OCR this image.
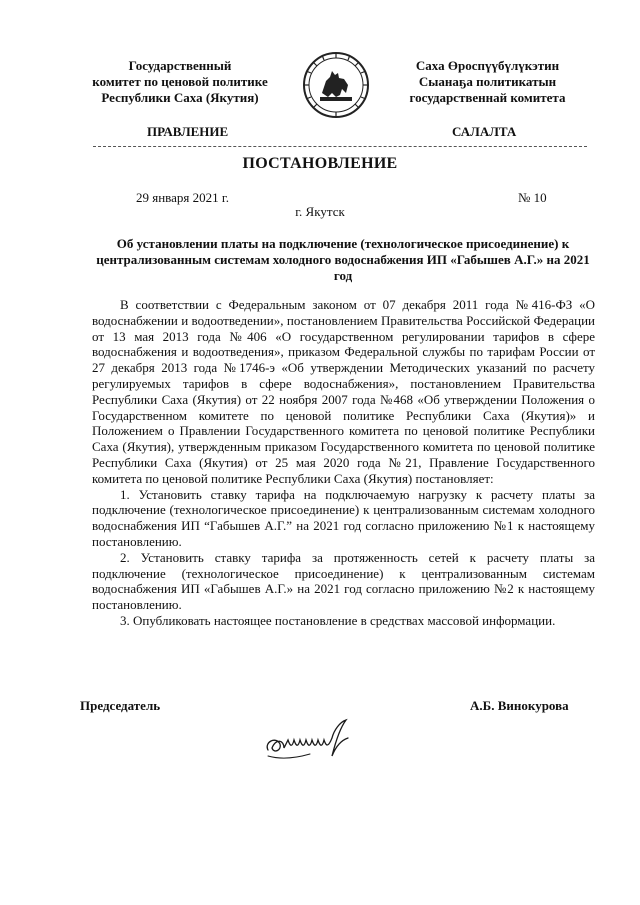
Государственный
комитет по ценовой политике
Республики Саха (Якутия)
Саха Өроспүүбүлүкэтин
Сыанаҕа политикатын
государственнай комитета
ПРАВЛЕНИЕ	САЛАЛТА
ПОСТАНОВЛЕНИЕ
29 января 2021 г.	№ 10
г. Якутск
Об установлении платы на подключение (технологическое присоединение) к централизованным системам холодного водоснабжения ИП «Габышев А.Г.» на 2021 год

В соответствии с Федеральным законом от 07 декабря 2011 года №416-ФЗ «О водоснабжении и водоотведении», постановлением Правительства Российской Федерации от 13 мая 2013 года №406 «О государственном регулировании тарифов в сфере водоснабжения и водоотведения», приказом Федеральной службы по тарифам России от 27 декабря 2013 года №1746-э «Об утверждении Методических указаний по расчету регулируемых тарифов в сфере водоснабжения», постановлением Правительства Республики Саха (Якутия) от 22 ноября 2007 года №468 «Об утверждении Положения о Государственном комитете по ценовой политике Республики Саха (Якутия)» и Положением о Правлении Государственного комитета по ценовой политике Республики Саха (Якутия), утвержденным приказом Государственного комитета по ценовой политике Республики Саха (Якутия) от 25 мая 2020 года №21, Правление Государственного комитета по ценовой политике Республики Саха (Якутия) постановляет:

1. Установить ставку тарифа на подключаемую нагрузку к расчету платы за подключение (технологическое присоединение) к централизованным системам холодного водоснабжения ИП “Габышев А.Г.” на 2021 год согласно приложению №1 к настоящему постановлению.

2. Установить ставку тарифа за протяженность сетей к расчету платы за подключение (технологическое присоединение) к централизованным системам водоснабжения ИП «Габышев А.Г.» на 2021 год согласно приложению №2 к настоящему постановлению.

3. Опубликовать настоящее постановление в средствах массовой информации.

Председатель	А.Б. Винокурова
